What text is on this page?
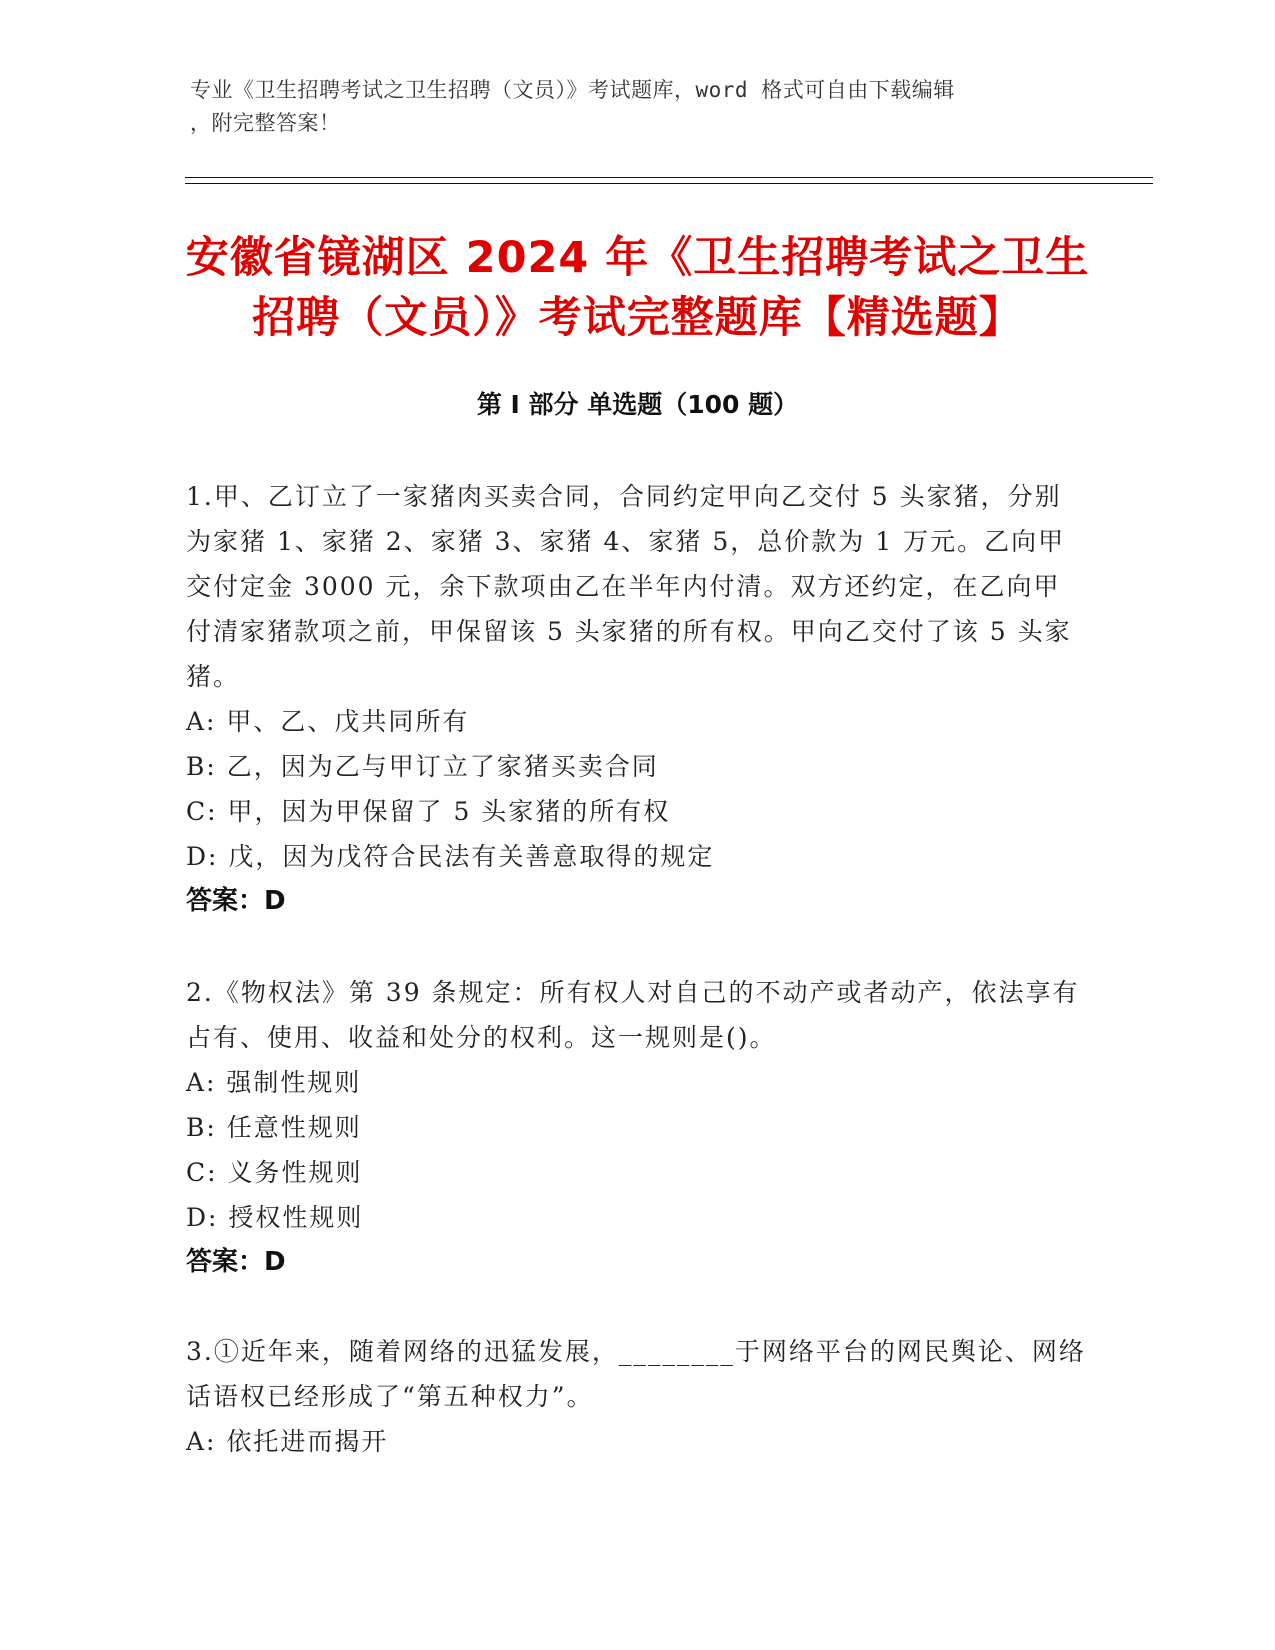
专业《卫生招聘考试之卫生招聘（文员）》考试题库，word 格式可自由下载编辑
，附完整答案！
安徽省镜湖区 2024 年《卫生招聘考试之卫生
招聘（文员）》考试完整题库【精选题】
第 I 部分 单选题（100 题）

1.甲、乙订立了一家猪肉买卖合同，合同约定甲向乙交付 5 头家猪，分别为家猪 1、家猪 2、家猪 3、家猪 4、家猪 5，总价款为 1 万元。乙向甲交付定金 3000 元，余下款项由乙在半年内付清。双方还约定，在乙向甲付清家猪款项之前，甲保留该 5 头家猪的所有权。甲向乙交付了该 5 头家猪。

A: 甲、乙、戊共同所有

B: 乙，因为乙与甲订立了家猪买卖合同

C: 甲，因为甲保留了 5 头家猪的所有权

D: 戊，因为戊符合民法有关善意取得的规定

答案：D

2.《物权法》第 39 条规定：所有权人对自己的不动产或者动产，依法享有占有、使用、收益和处分的权利。这一规则是()。

A: 强制性规则

B: 任意性规则

C: 义务性规则

D: 授权性规则

答案：D

3.①近年来，随着网络的迅猛发展，________于网络平台的网民舆论、网络话语权已经形成了“第五种权力”。

A: 依托进而揭开
